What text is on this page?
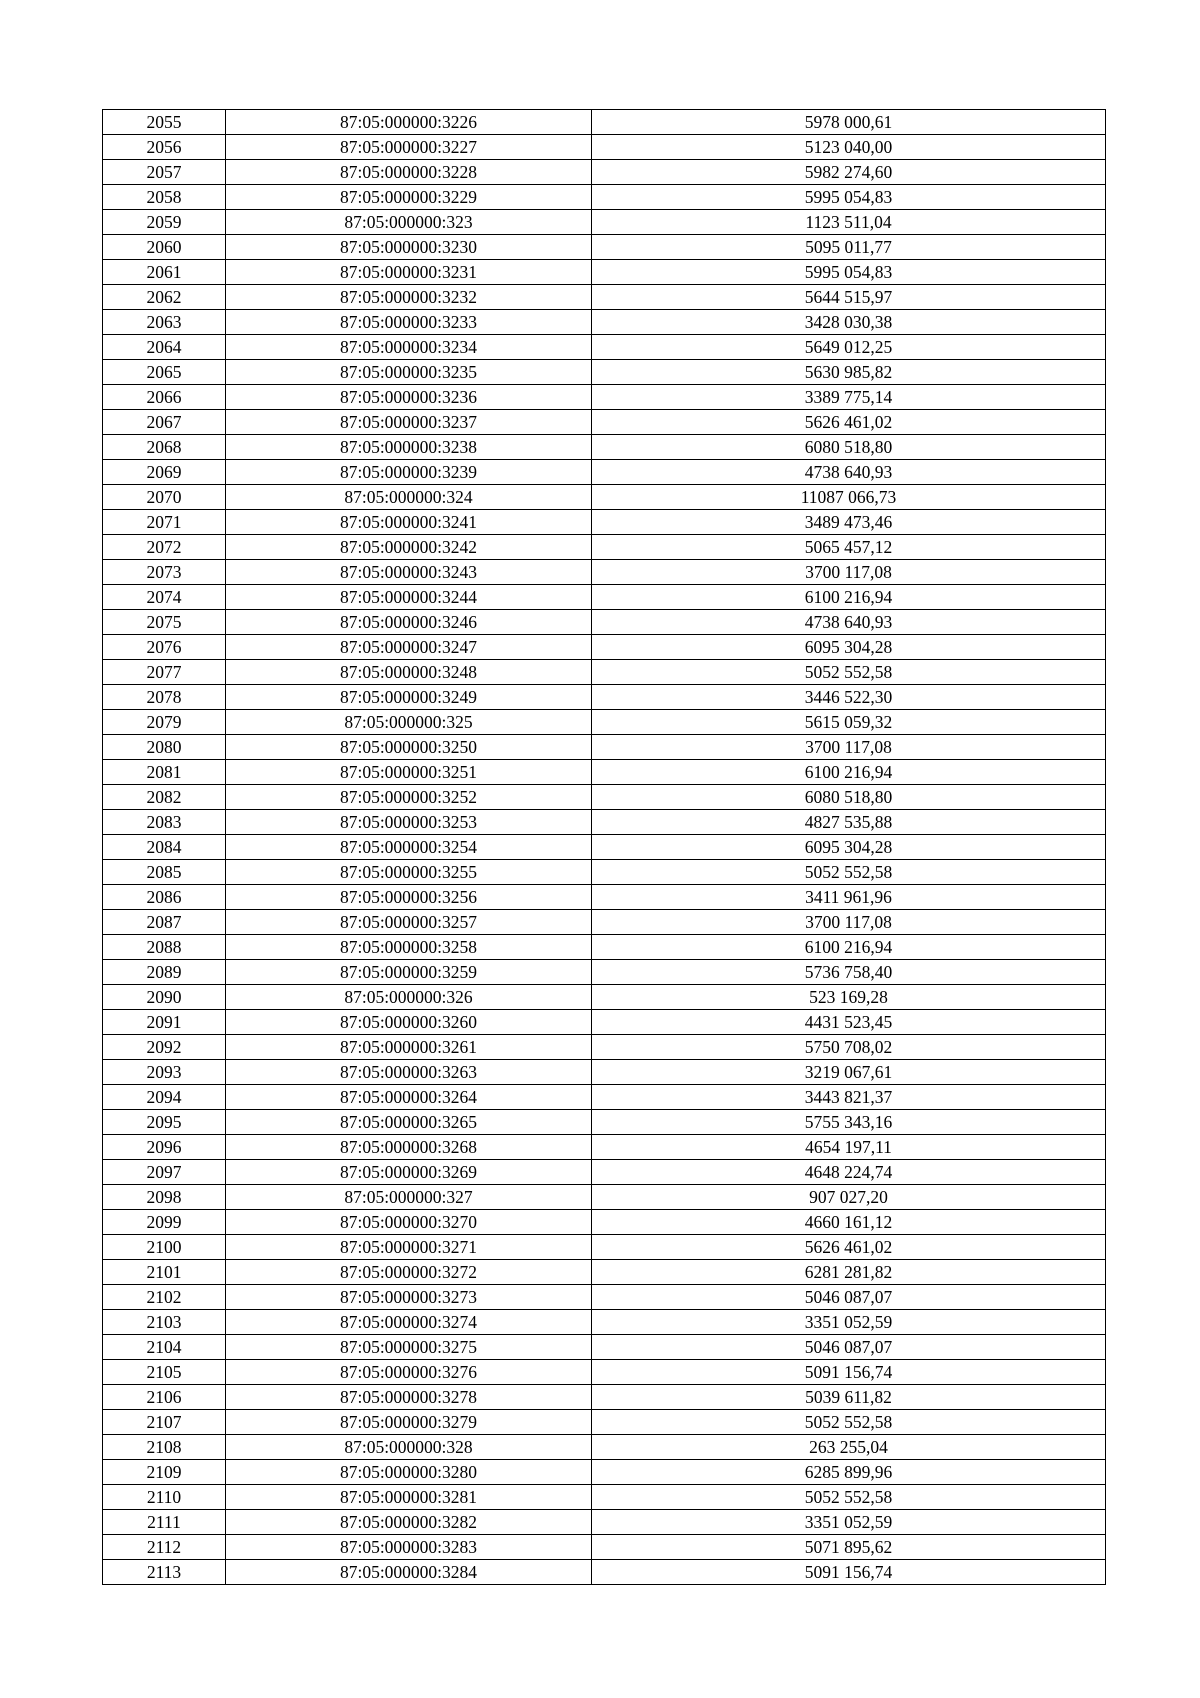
2055	87:05:000000:3226	5978 000,61
2056	87:05:000000:3227	5123 040,00
2057	87:05:000000:3228	5982 274,60
2058	87:05:000000:3229	5995 054,83
2059	87:05:000000:323	1123 511,04
2060	87:05:000000:3230	5095 011,77
2061	87:05:000000:3231	5995 054,83
2062	87:05:000000:3232	5644 515,97
2063	87:05:000000:3233	3428 030,38
2064	87:05:000000:3234	5649 012,25
2065	87:05:000000:3235	5630 985,82
2066	87:05:000000:3236	3389 775,14
2067	87:05:000000:3237	5626 461,02
2068	87:05:000000:3238	6080 518,80
2069	87:05:000000:3239	4738 640,93
2070	87:05:000000:324	11087 066,73
2071	87:05:000000:3241	3489 473,46
2072	87:05:000000:3242	5065 457,12
2073	87:05:000000:3243	3700 117,08
2074	87:05:000000:3244	6100 216,94
2075	87:05:000000:3246	4738 640,93
2076	87:05:000000:3247	6095 304,28
2077	87:05:000000:3248	5052 552,58
2078	87:05:000000:3249	3446 522,30
2079	87:05:000000:325	5615 059,32
2080	87:05:000000:3250	3700 117,08
2081	87:05:000000:3251	6100 216,94
2082	87:05:000000:3252	6080 518,80
2083	87:05:000000:3253	4827 535,88
2084	87:05:000000:3254	6095 304,28
2085	87:05:000000:3255	5052 552,58
2086	87:05:000000:3256	3411 961,96
2087	87:05:000000:3257	3700 117,08
2088	87:05:000000:3258	6100 216,94
2089	87:05:000000:3259	5736 758,40
2090	87:05:000000:326	523 169,28
2091	87:05:000000:3260	4431 523,45
2092	87:05:000000:3261	5750 708,02
2093	87:05:000000:3263	3219 067,61
2094	87:05:000000:3264	3443 821,37
2095	87:05:000000:3265	5755 343,16
2096	87:05:000000:3268	4654 197,11
2097	87:05:000000:3269	4648 224,74
2098	87:05:000000:327	907 027,20
2099	87:05:000000:3270	4660 161,12
2100	87:05:000000:3271	5626 461,02
2101	87:05:000000:3272	6281 281,82
2102	87:05:000000:3273	5046 087,07
2103	87:05:000000:3274	3351 052,59
2104	87:05:000000:3275	5046 087,07
2105	87:05:000000:3276	5091 156,74
2106	87:05:000000:3278	5039 611,82
2107	87:05:000000:3279	5052 552,58
2108	87:05:000000:328	263 255,04
2109	87:05:000000:3280	6285 899,96
2110	87:05:000000:3281	5052 552,58
2111	87:05:000000:3282	3351 052,59
2112	87:05:000000:3283	5071 895,62
2113	87:05:000000:3284	5091 156,74
